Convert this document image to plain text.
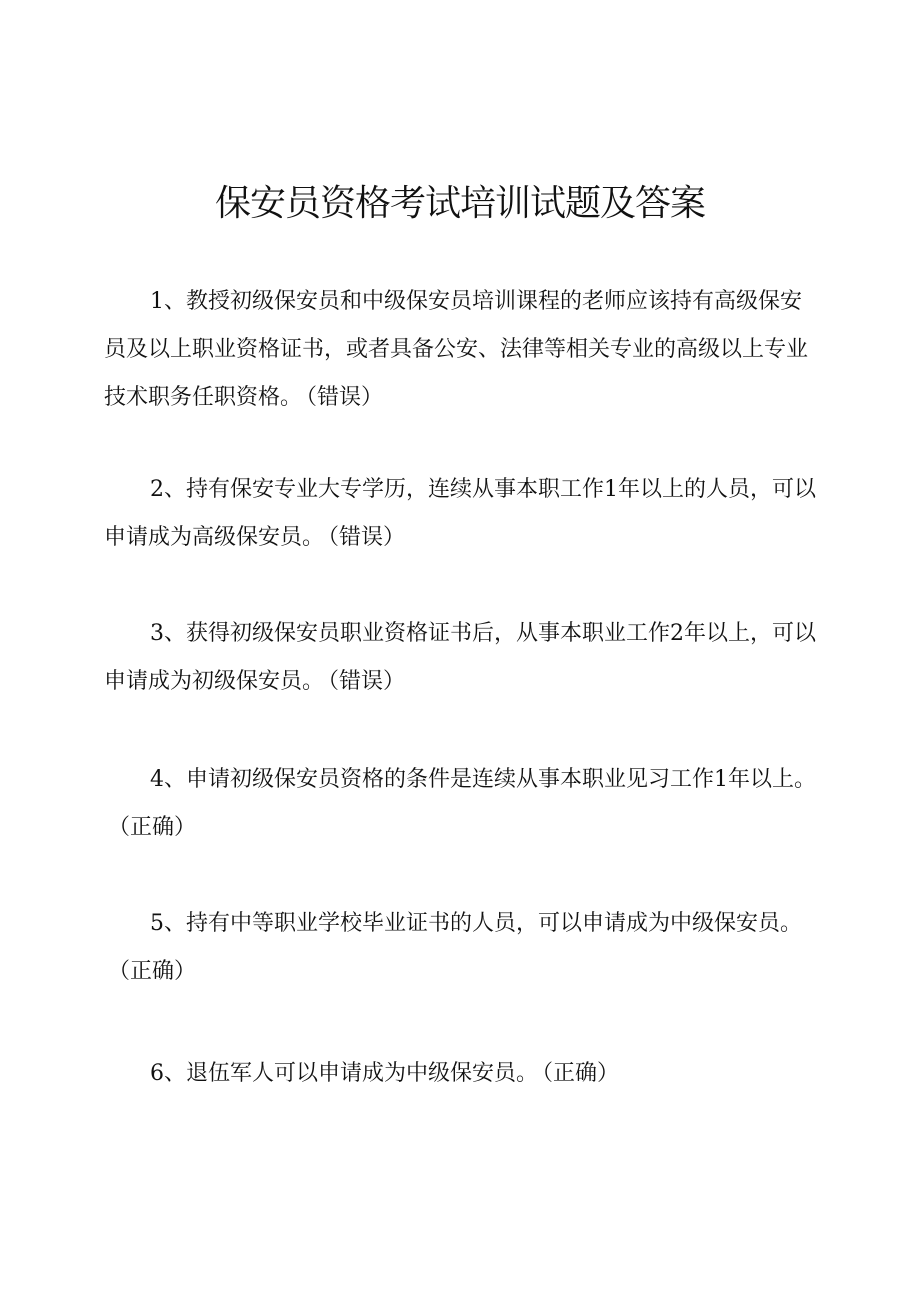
保安员资格考试培训试题及答案

1、教授初级保安员和中级保安员培训课程的老师应该持有高级保安员及以上职业资格证书，或者具备公安、法律等相关专业的高级以上专业技术职务任职资格。 （错误）

2、持有保安专业大专学历，连续从事本职工作1年以上的人员，可以申请成为高级保安员。 （错误）

3、获得初级保安员职业资格证书后，从事本职业工作2年以上，可以申请成为初级保安员。 （错误）

4、申请初级保安员资格的条件是连续从事本职业见习工作1年以上。（正确）

5、持有中等职业学校毕业证书的人员，可以申请成为中级保安员。（正确）

6、退伍军人可以申请成为中级保安员。 （正确）
